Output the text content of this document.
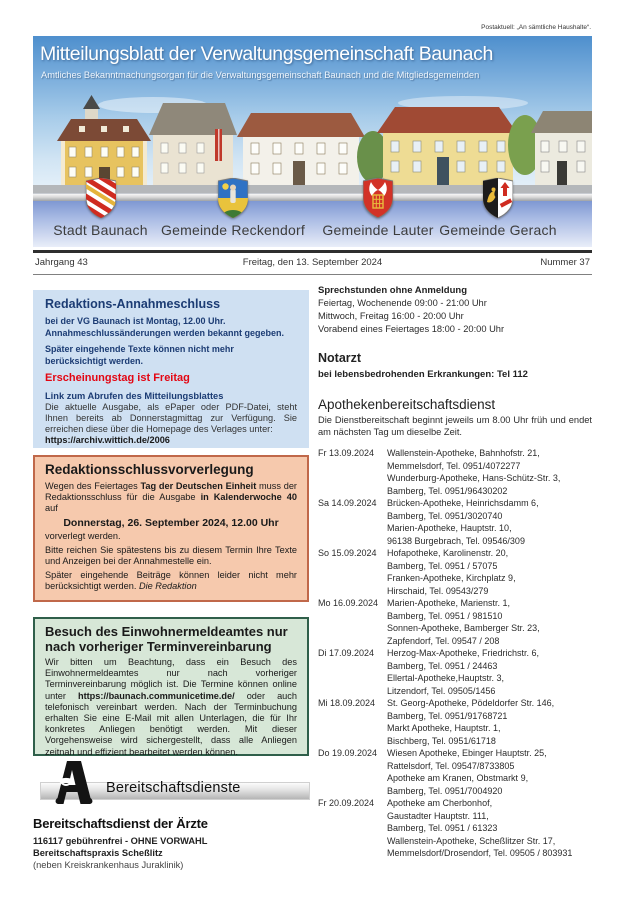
Postaktuell: „An sämtliche Haushalte“.
Mitteilungsblatt der Verwaltungsgemeinschaft Baunach
Amtliches Bekanntmachungsorgan für die Verwaltungsgemeinschaft Baunach und die Mitgliedsgemeinden
Stadt Baunach Gemeinde Reckendorf	Gemeinde Lauter Gemeinde Gerach
Freitag, den 13. September 2024
Jahrgang 43	Nummer 37
Redaktions-Annahmeschluss

bei der VG Baunach ist Montag, 12.00 Uhr. Annahmeschlussänderungen werden bekannt gegeben.

Später eingehende Texte können nicht mehr berücksichtigt werden.

Erscheinungstag ist Freitag
Link zum Abrufen des Mitteilungsblattes

Die aktuelle Ausgabe, als ePaper oder PDF-Datei, steht Ihnen bereits ab Donnerstagmittag zur Verfügung. Sie erreichen diese über die Homepage des Verlages unter:

https://archiv.wittich.de/2006
Redaktionsschlussvorverlegung

Wegen des Feiertages Tag der Deutschen Einheit muss der Redaktionsschluss für die Ausgabe in Kalenderwoche 40 auf

Donnerstag, 26. September 2024, 12.00 Uhr

vorverlegt werden.

Bitte reichen Sie spätestens bis zu diesem Termin Ihre Texte und Anzeigen bei der Annahmestelle ein.

Später eingehende Beiträge können leider nicht mehr berücksichtigt werden. Die Redaktion

Besuch des Einwohnermeldeamtes nur nach vorheriger Terminvereinbarung

Wir bitten um Beachtung, dass ein Besuch des Einwohnermeldeamtes nur nach vorheriger Terminvereinbarung möglich ist. Die Termine können online unter https://baunach.communicetime.de/ oder auch telefonisch vereinbart werden. Nach der Terminbuchung erhalten Sie eine E-Mail mit allen Unterlagen, die für Ihr konkretes Anliegen benötigt werden. Mit dieser Vorgehensweise wird sichergestellt, dass alle Anliegen zeitnah und effizient bearbeitet werden können.

Bereitschaftsdienste
Bereitschaftsdienst der Ärzte

116117 gebührenfrei - OHNE VORWAHL

Bereitschaftspraxis Scheßlitz

(neben Kreiskrankenhaus Juraklinik)

Sprechstunden ohne Anmeldung

Feiertag, Wochenende 09:00 - 21:00 Uhr

Mittwoch, Freitag 16:00 - 20:00 Uhr

Vorabend eines Feiertages 18:00 - 20:00 Uhr

Notarzt
bei lebensbedrohenden Erkrankungen: Tel 112
Apothekenbereitschaftsdienst

Die Dienstbereitschaft beginnt jeweils um 8.00 Uhr früh und endet am nächsten Tag um dieselbe Zeit.

Fr 13.09.2024	Wallenstein-Apotheke, Bahnhofstr. 21,
Memmelsdorf, Tel. 0951/4072277
Wunderburg-Apotheke, Hans-Schütz-Str. 3,
Bamberg, Tel. 0951/96430202
Sa 14.09.2024	Brücken-Apotheke, Heinrichsdamm 6,
Bamberg, Tel. 0951/3020740
Marien-Apotheke, Hauptstr. 10,
96138 Burgebrach, Tel. 09546/309
So 15.09.2024	Hofapotheke, Karolinenstr. 20,
Bamberg, Tel. 0951 / 57075
Franken-Apotheke, Kirchplatz 9,
Hirschaid, Tel. 09543/279
Mo 16.09.2024 Marien-Apotheke, Marienstr. 1,
Bamberg, Tel. 0951 / 981510
Sonnen-Apotheke, Bamberger Str. 23,
Zapfendorf, Tel. 09547 / 208
Di 17.09.2024	Herzog-Max-Apotheke, Friedrichstr. 6,
Bamberg, Tel. 0951 / 24463
Ellertal-Apotheke,Hauptstr. 3,
Litzendorf, Tel. 09505/1456
Mi 18.09.2024	St. Georg-Apotheke, Pödeldorfer Str. 146,
Bamberg, Tel. 0951/91768721
Markt Apotheke, Hauptstr. 1,
Bischberg, Tel. 0951/61718
Do 19.09.2024	Wiesen Apotheke, Ebinger Hauptstr. 25,
Rattelsdorf, Tel. 09547/8733805
Apotheke am Kranen, Obstmarkt 9,
Bamberg, Tel. 0951/7004920
Fr 20.09.2024	Apotheke am Cherbonhof,
Gaustadter Hauptstr. 111,
Bamberg, Tel. 0951 / 61323
Wallenstein-Apotheke, Scheßlitzer Str. 17,
Memmelsdorf/Drosendorf, Tel. 09505 / 803931
